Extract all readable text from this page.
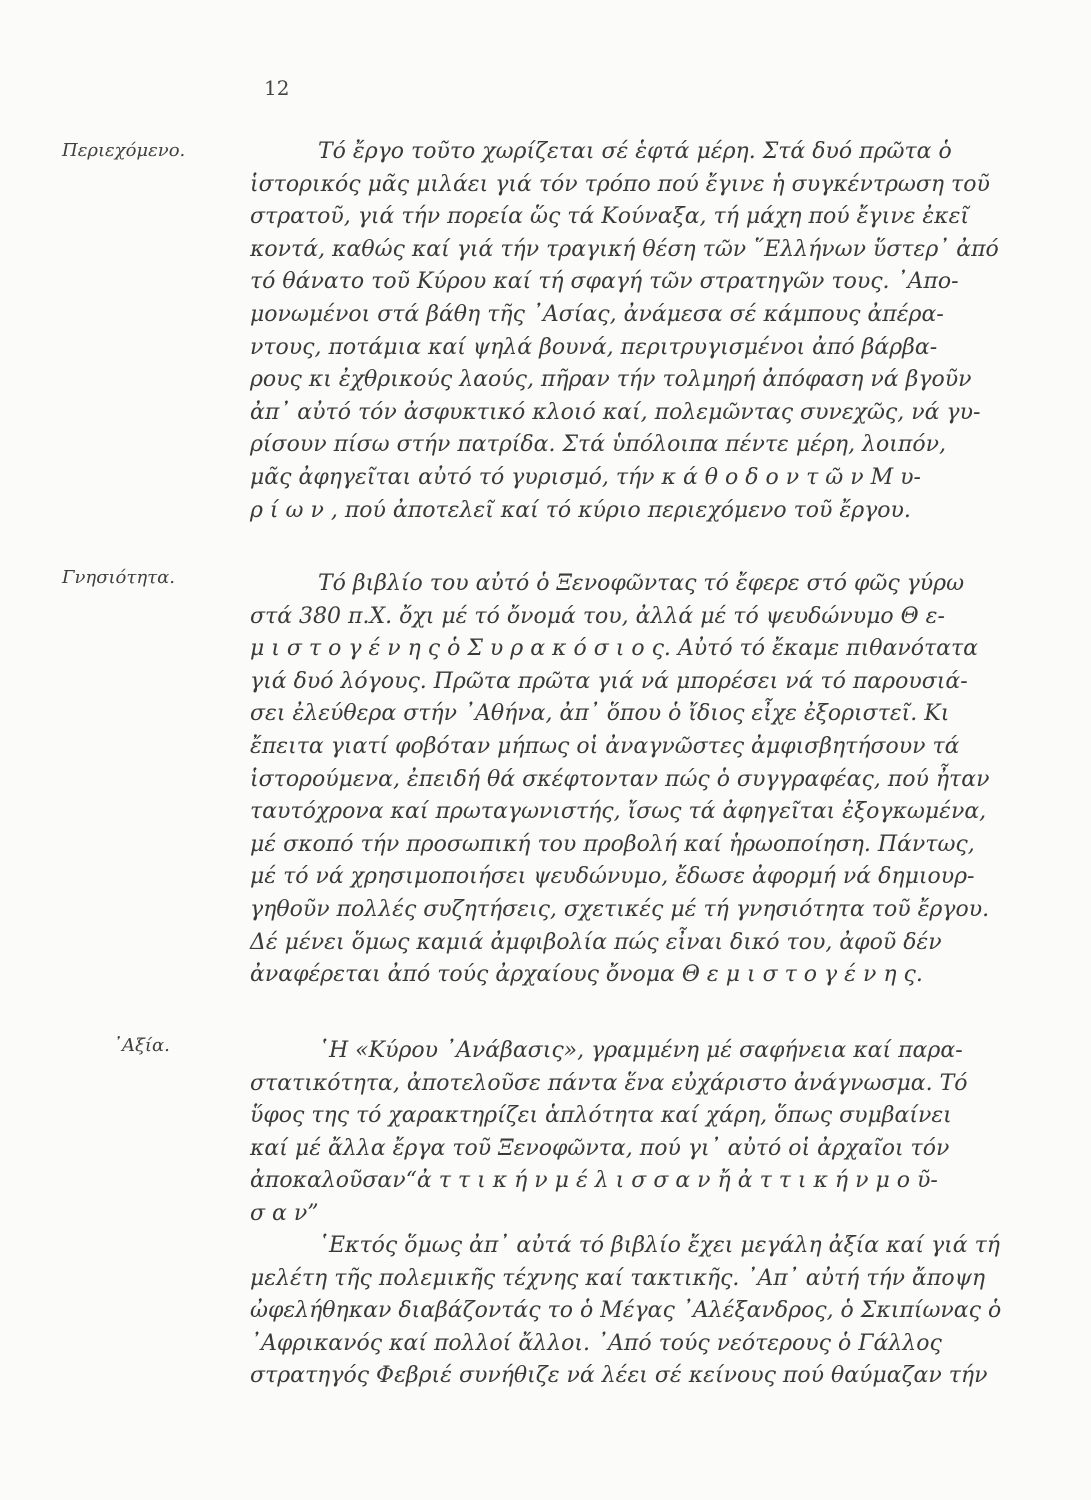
12
Περιεχόμενο.
Γνησιότητα.
᾿Αξία.
Τό ἔργο τοῦτο χωρίζεται σέ ἑφτά μέρη. Στά δυό πρῶτα ὁ
ἱστορικός μᾶς μιλάει γιά τόν τρόπο πού ἔγινε ἡ συγκέντρωση τοῦ
στρατοῦ, γιά τήν πορεία ὥς τά Κούναξα, τή μάχη πού ἔγινε ἐκεῖ
κοντά, καθώς καί γιά τήν τραγική θέση τῶν ῞Ελλήνων ὕστερ᾿ ἀπό
τό θάνατο τοῦ Κύρου καί τή σφαγή τῶν στρατηγῶν τους. ᾿Απο-
μονωμένοι στά βάθη τῆς ᾿Ασίας, ἀνάμεσα σέ κάμπους ἀπέρα-
ντους, ποτάμια καί ψηλά βουνά, περιτρυγισμένοι ἀπό βάρβα-
ρους κι ἐχθρικούς λαούς, πῆραν τήν τολμηρή ἀπόφαση νά βγοῦν
ἀπ᾿ αὐτό τόν ἀσφυκτικό κλοιό καί, πολεμῶντας συνεχῶς, νά γυ-
ρίσουν πίσω στήν πατρίδα. Στά ὑπόλοιπα πέντε μέρη, λοιπόν,
μᾶς ἀφηγεῖται αὐτό τό γυρισμό, τήν κ ά θ ο δ ο ν τ ῶ ν Μ υ-
ρ ί ω ν , πού ἀποτελεῖ καί τό κύριο περιεχόμενο τοῦ ἔργου.
Τό βιβλίο του αὐτό ὁ Ξενοφῶντας τό ἔφερε στό φῶς γύρω
στά 380 π.Χ. ὄχι μέ τό ὄνομά του, ἀλλά μέ τό ψευδώνυμο Θ ε-
μ ι σ τ ο γ έ ν η ς ὁ Σ υ ρ α κ ό σ ι ο ς. Αὐτό τό ἔκαμε πιθανότατα
γιά δυό λόγους. Πρῶτα πρῶτα γιά νά μπορέσει νά τό παρουσιά-
σει ἐλεύθερα στήν ᾿Αθήνα, ἀπ᾿ ὅπου ὁ ἴδιος εἶχε ἐξοριστεῖ. Κι
ἔπειτα γιατί φοβόταν μήπως οἱ ἀναγνῶστες ἀμφισβητήσουν τά
ἱστορούμενα, ἐπειδή θά σκέφτονταν πώς ὁ συγγραφέας, πού ἦταν
ταυτόχρονα καί πρωταγωνιστής, ἴσως τά ἀφηγεῖται ἐξογκωμένα,
μέ σκοπό τήν προσωπική του προβολή καί ἡρωοποίηση. Πάντως,
μέ τό νά χρησιμοποιήσει ψευδώνυμο, ἔδωσε ἀφορμή νά δημιουρ-
γηθοῦν πολλές συζητήσεις, σχετικές μέ τή γνησιότητα τοῦ ἔργου.
Δέ μένει ὅμως καμιά ἀμφιβολία πώς εἶναι δικό του, ἀφοῦ δέν
ἀναφέρεται ἀπό τούς ἀρχαίους ὄνομα Θ ε μ ι σ τ ο γ έ ν η ς.
῾Η «Κύρου ᾿Ανάβασις», γραμμένη μέ σαφήνεια καί παρα-
στατικότητα, ἀποτελοῦσε πάντα ἕνα εὐχάριστο ἀνάγνωσμα. Τό
ὕφος της τό χαρακτηρίζει ἁπλότητα καί χάρη, ὅπως συμβαίνει
καί μέ ἄλλα ἔργα τοῦ Ξενοφῶντα, πού γι᾿ αὐτό οἱ ἀρχαῖοι τόν
ἀποκαλοῦσαν“ἀ τ τ ι κ ή ν μ έ λ ι σ σ α ν ἤ ἀ τ τ ι κ ή ν μ ο ῦ-
σ α ν”
῾Εκτός ὅμως ἀπ᾿ αὐτά τό βιβλίο ἔχει μεγάλη ἀξία καί γιά τή
μελέτη τῆς πολεμικῆς τέχνης καί τακτικῆς. ᾿Απ᾿ αὐτή τήν ἄποψη
ὠφελήθηκαν διαβάζοντάς το ὁ Μέγας ᾿Αλέξανδρος, ὁ Σκιπίωνας ὁ
᾿Αφρικανός καί πολλοί ἄλλοι. ᾿Από τούς νεότερους ὁ Γάλλος
στρατηγός Φεβριέ συνήθιζε νά λέει σέ κείνους πού θαύμαζαν τήν
